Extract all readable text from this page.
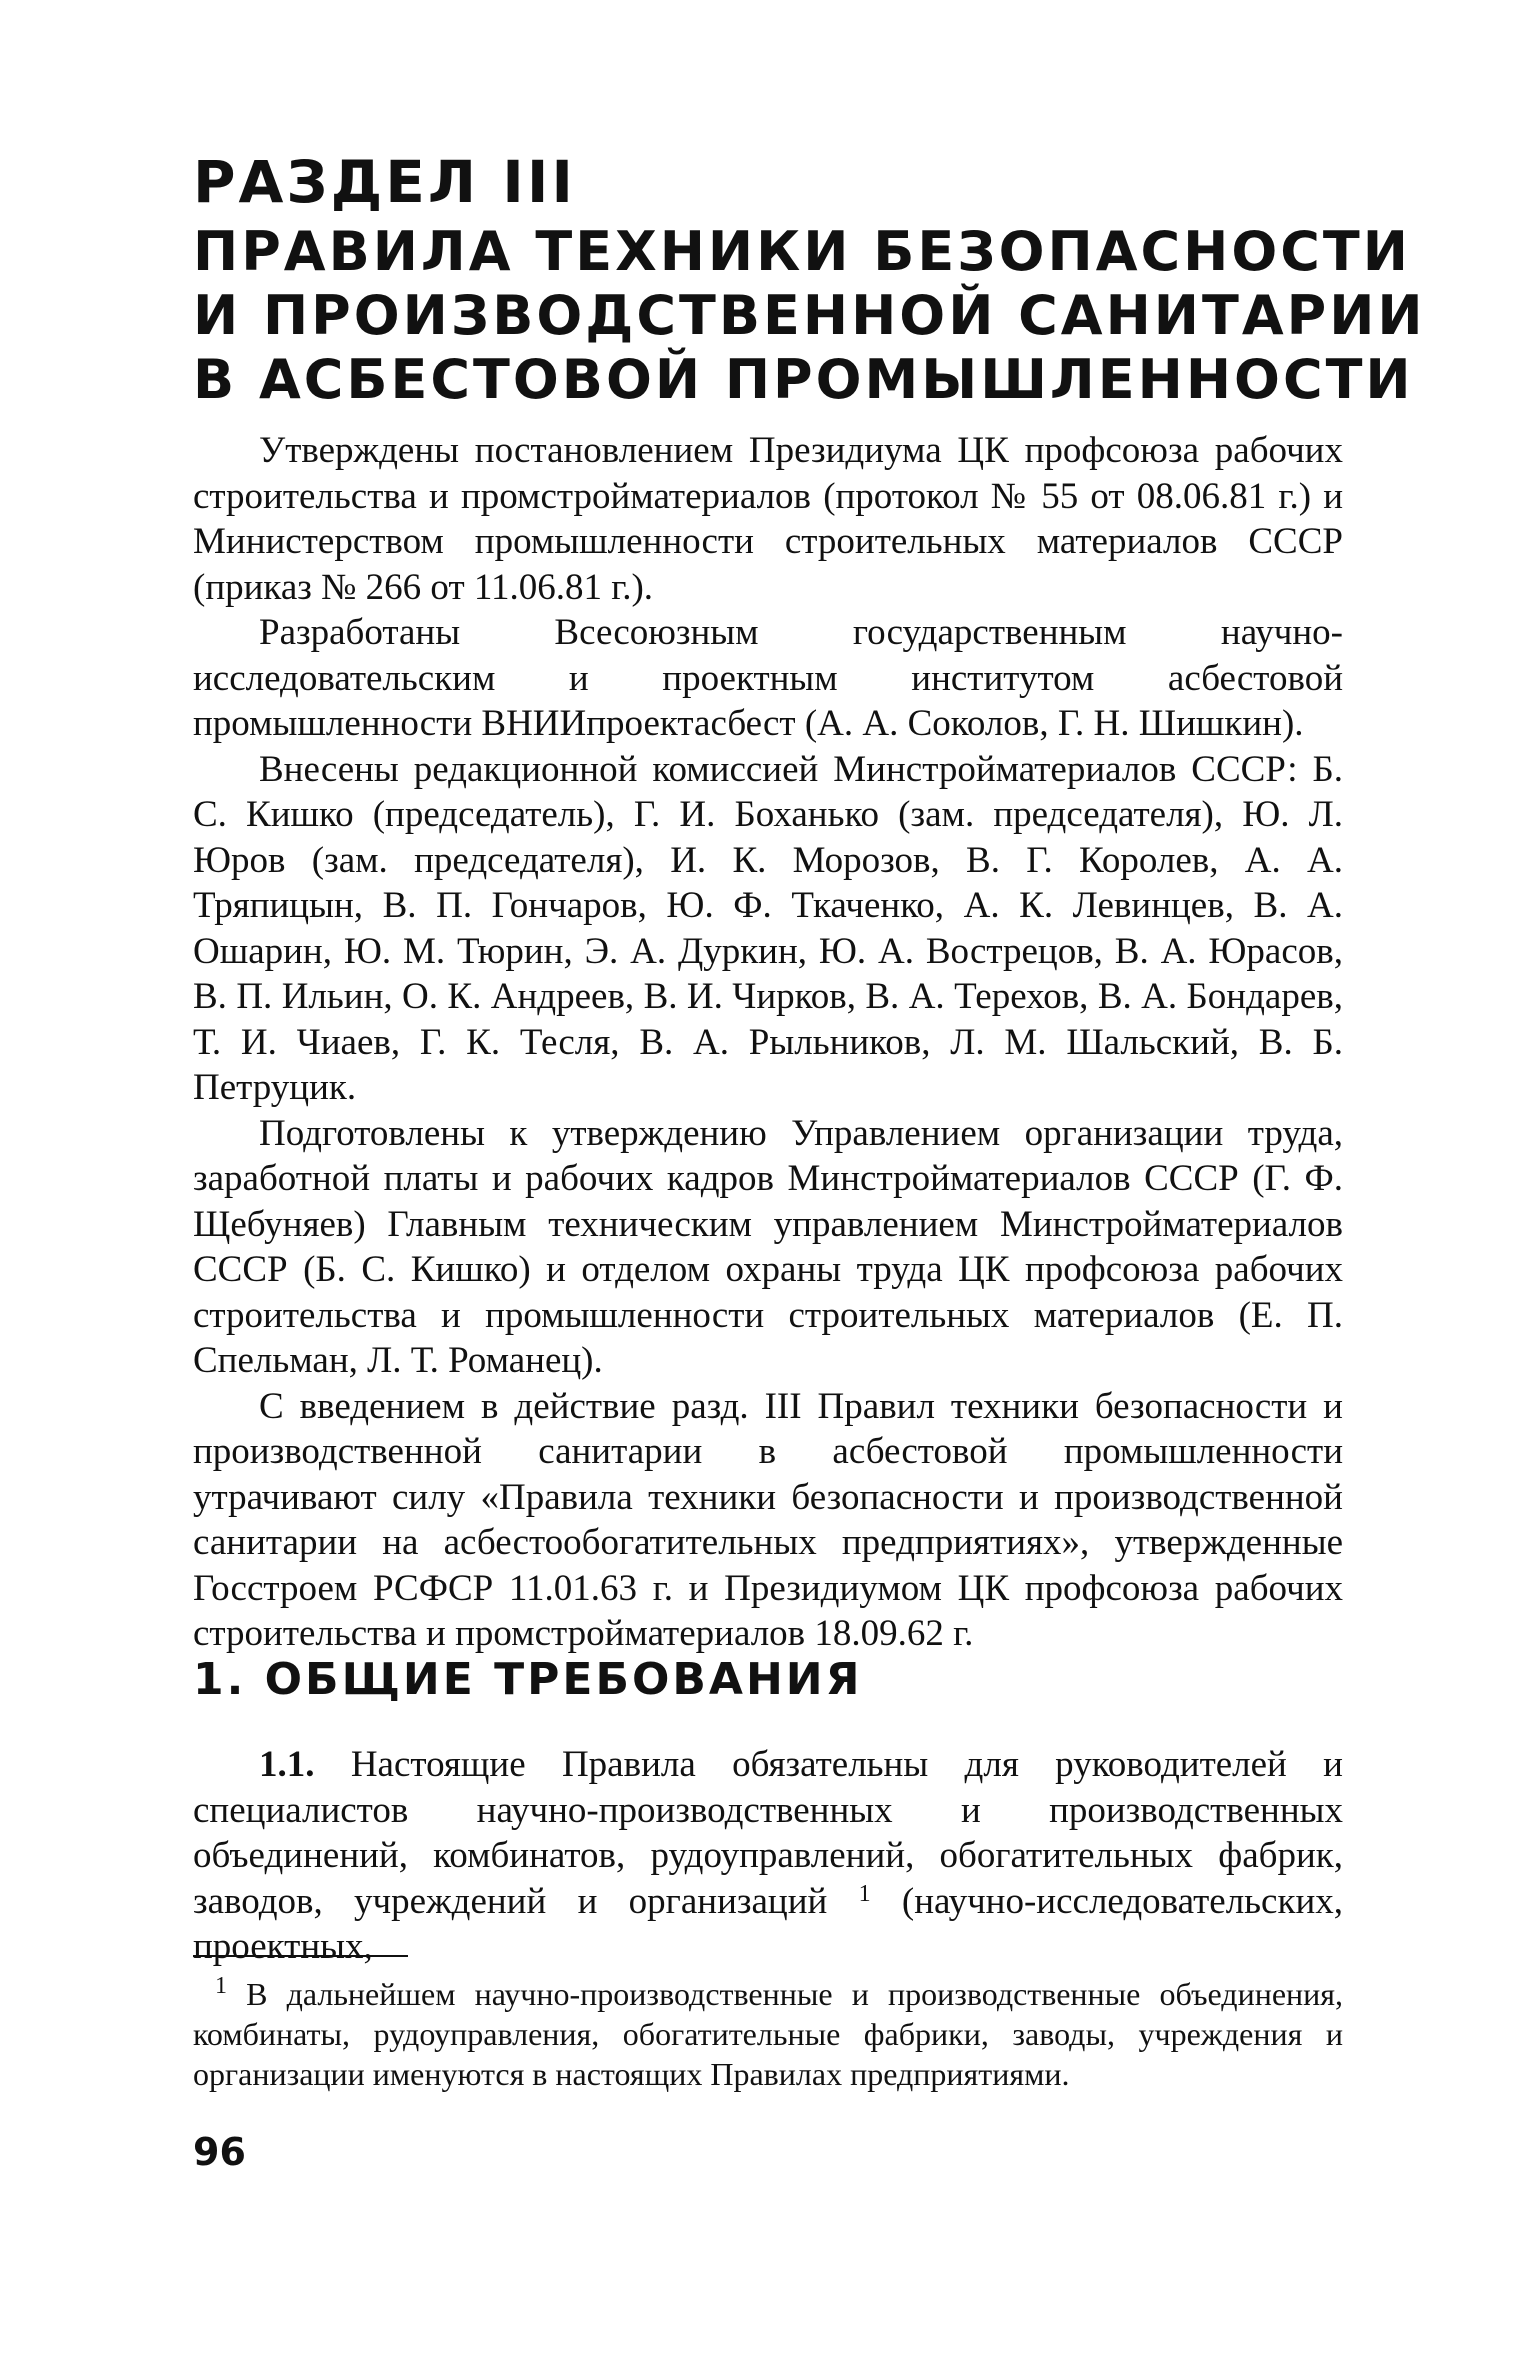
РАЗДЕЛ III
ПРАВИЛА ТЕХНИКИ БЕЗОПАСНОСТИ
И ПРОИЗВОДСТВЕННОЙ САНИТАРИИ
В АСБЕСТОВОЙ ПРОМЫШЛЕННОСТИ

Утверждены постановлением Президиума ЦК профсоюза рабочих строительства и промстройматериалов (протокол № 55 от 08.06.81 г.) и Министерством промышленности строительных материалов СССР (приказ № 266 от 11.06.81 г.).

Разработаны Всесоюзным государственным научно-исследовательским и проектным институтом асбестовой промышленности ВНИИпроектасбест (А. А. Соколов, Г. Н. Шишкин).

Внесены редакционной комиссией Минстройматериалов СССР: Б. С. Кишко (председатель), Г. И. Боханько (зам. председателя), Ю. Л. Юров (зам. председателя), И. К. Морозов, В. Г. Королев, А. А. Тряпицын, В. П. Гончаров, Ю. Ф. Ткаченко, А. К. Левинцев, В. А. Ошарин, Ю. М. Тюрин, Э. А. Дуркин, Ю. А. Вострецов, В. А. Юрасов, В. П. Ильин, О. К. Андреев, В. И. Чирков, В. А. Терехов, В. А. Бондарев, Т. И. Чиаев, Г. К. Тесля, В. А. Рыльников, Л. М. Шальский, В. Б. Петруцик.

Подготовлены к утверждению Управлением организации труда, заработной платы и рабочих кадров Минстройматериалов СССР (Г. Ф. Щебуняев) Главным техническим управлением Минстройматериалов СССР (Б. С. Кишко) и отделом охраны труда ЦК профсоюза рабочих строительства и промышленности строительных материалов (Е. П. Спельман, Л. Т. Романец).

С введением в действие разд. III Правил техники безопасности и производственной санитарии в асбестовой промышленности утрачивают силу «Правила техники безопасности и производственной санитарии на асбестообогатительных предприятиях», утвержденные Госстроем РСФСР 11.01.63 г. и Президиумом ЦК профсоюза рабочих строительства и промстройматериалов 18.09.62 г.

1. ОБЩИЕ ТРЕБОВАНИЯ

1.1. Настоящие Правила обязательны для руководителей и специалистов научно-производственных и производственных объединений, комбинатов, рудоуправлений, обогатительных фабрик, заводов, учреждений и организаций $^1$ (научно-исследовательских, проектных,

$^1$ В дальнейшем научно-производственные и производственные объединения, комбинаты, рудоуправления, обогатительные фабрики, заводы, учреждения и организации именуются в настоящих Правилах предприятиями.

96
